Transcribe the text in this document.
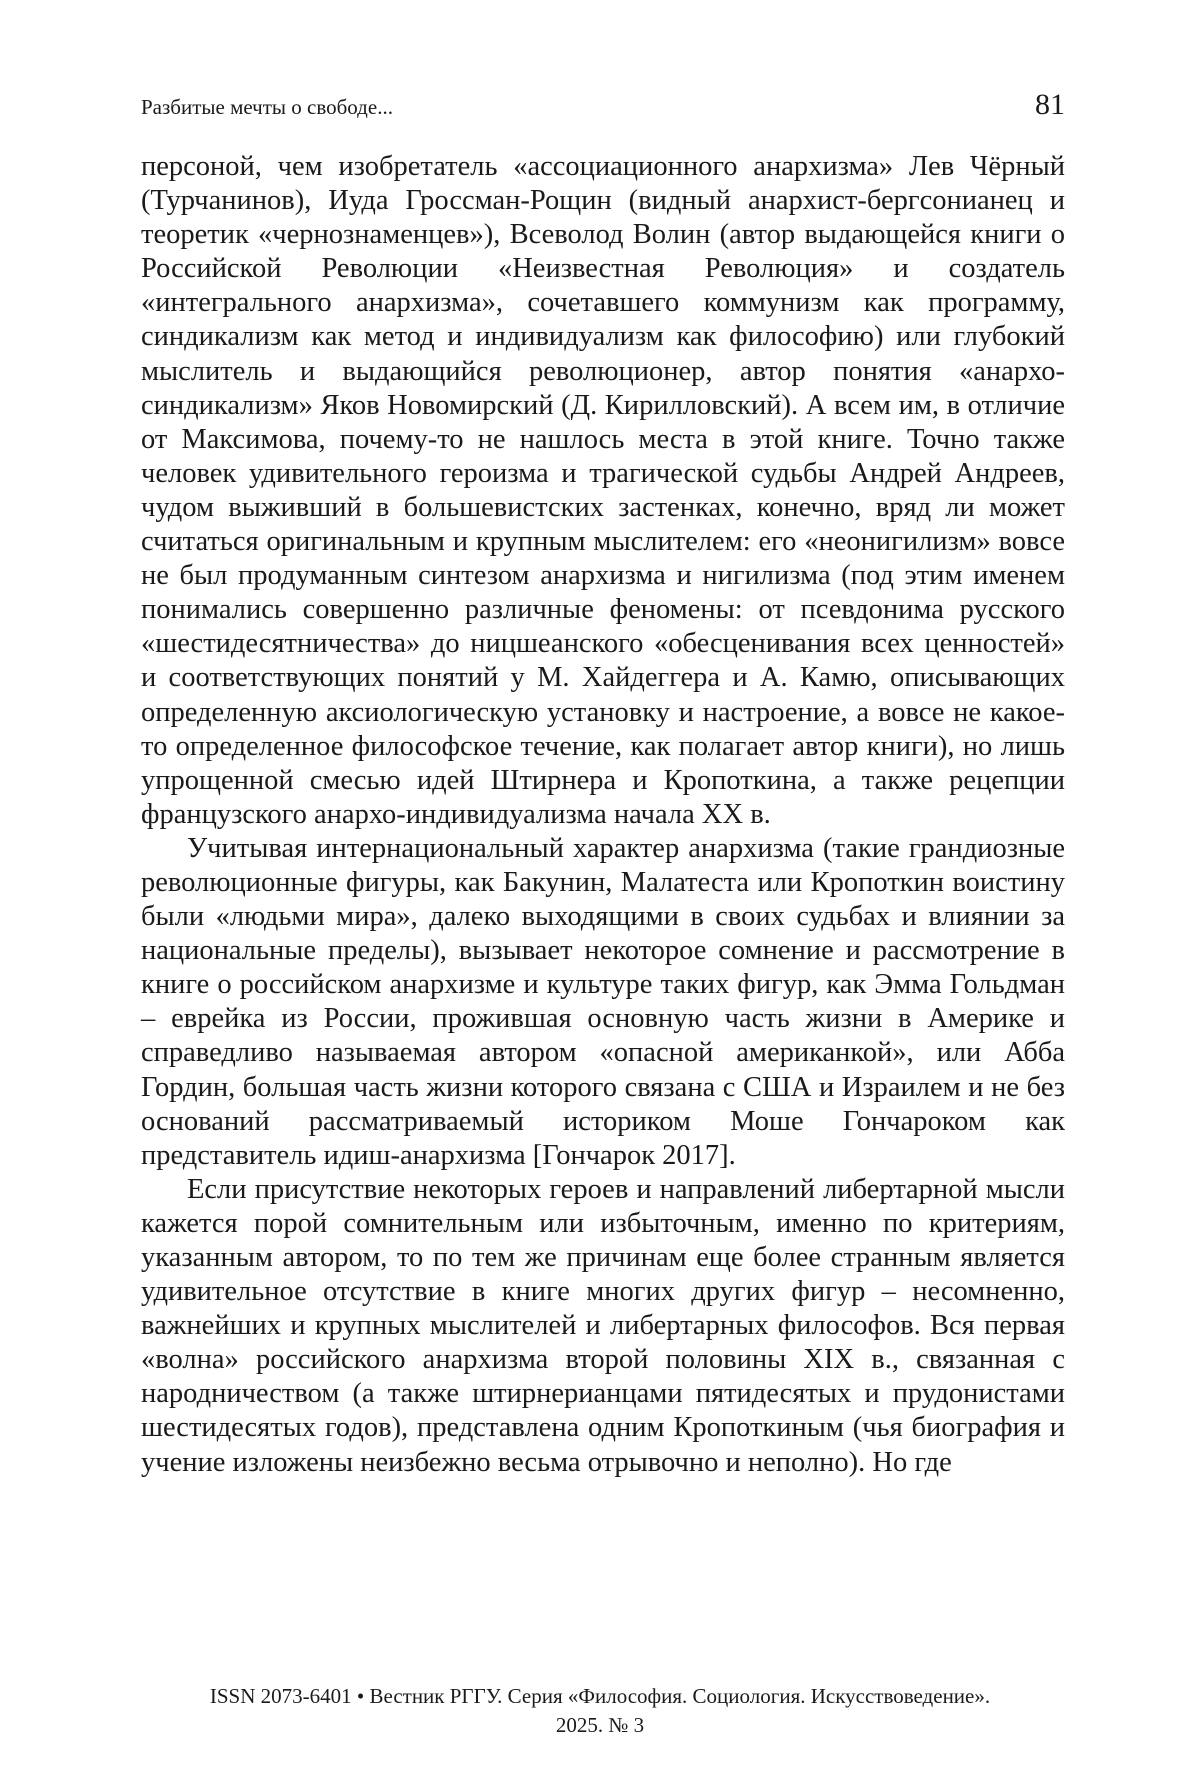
Разбитые мечты о свободе...	81

персоной, чем изобретатель «ассоциационного анархизма» Лев Чёрный (Турчанинов), Иуда Гроссман-Рощин (видный анархист-бергсонианец и теоретик «чернознаменцев»), Всеволод Волин (автор выдающейся книги о Российской Революции «Неизвестная Революция» и создатель «интегрального анархизма», сочетавшего коммунизм как программу, синдикализм как метод и индивидуализм как философию) или глубокий мыслитель и выдающийся революционер, автор понятия «анархо-синдикализм» Яков Новомирский (Д. Кирилловский). А всем им, в отличие от Максимова, почему-то не нашлось места в этой книге. Точно также человек удивительного героизма и трагической судьбы Андрей Андреев, чудом выживший в большевистских застенках, конечно, вряд ли может считаться оригинальным и крупным мыслителем: его «неонигилизм» вовсе не был продуманным синтезом анархизма и нигилизма (под этим именем понимались совершенно различные феномены: от псевдонима русского «шестидесятничества» до ницшеанского «обесценивания всех ценностей» и соответствующих понятий у М. Хайдеггера и А. Камю, описывающих определенную аксиологическую установку и настроение, а вовсе не какое-то определенное философское течение, как полагает автор книги), но лишь упрощенной смесью идей Штирнера и Кропоткина, а также рецепции французского анархо-индивидуализма начала XX в.

Учитывая интернациональный характер анархизма (такие грандиозные революционные фигуры, как Бакунин, Малатеста или Кропоткин воистину были «людьми мира», далеко выходящими в своих судьбах и влиянии за национальные пределы), вызывает некоторое сомнение и рассмотрение в книге о российском анархизме и культуре таких фигур, как Эмма Гольдман – еврейка из России, прожившая основную часть жизни в Америке и справедливо называемая автором «опасной американкой», или Абба Гордин, большая часть жизни которого связана с США и Израилем и не без оснований рассматриваемый историком Моше Гончароком как представитель идиш-анархизма [Гончарок 2017].

Если присутствие некоторых героев и направлений либертарной мысли кажется порой сомнительным или избыточным, именно по критериям, указанным автором, то по тем же причинам еще более странным является удивительное отсутствие в книге многих других фигур – несомненно, важнейших и крупных мыслителей и либертарных философов. Вся первая «волна» российского анархизма второй половины XIX в., связанная с народничеством (а также штирнерианцами пятидесятых и прудонистами шестидесятых годов), представлена одним Кропоткиным (чья биография и учение изложены неизбежно весьма отрывочно и неполно). Но где

ISSN 2073-6401 • Вестник РГГУ. Серия «Философия. Социология. Искусствоведение».
2025. № 3
